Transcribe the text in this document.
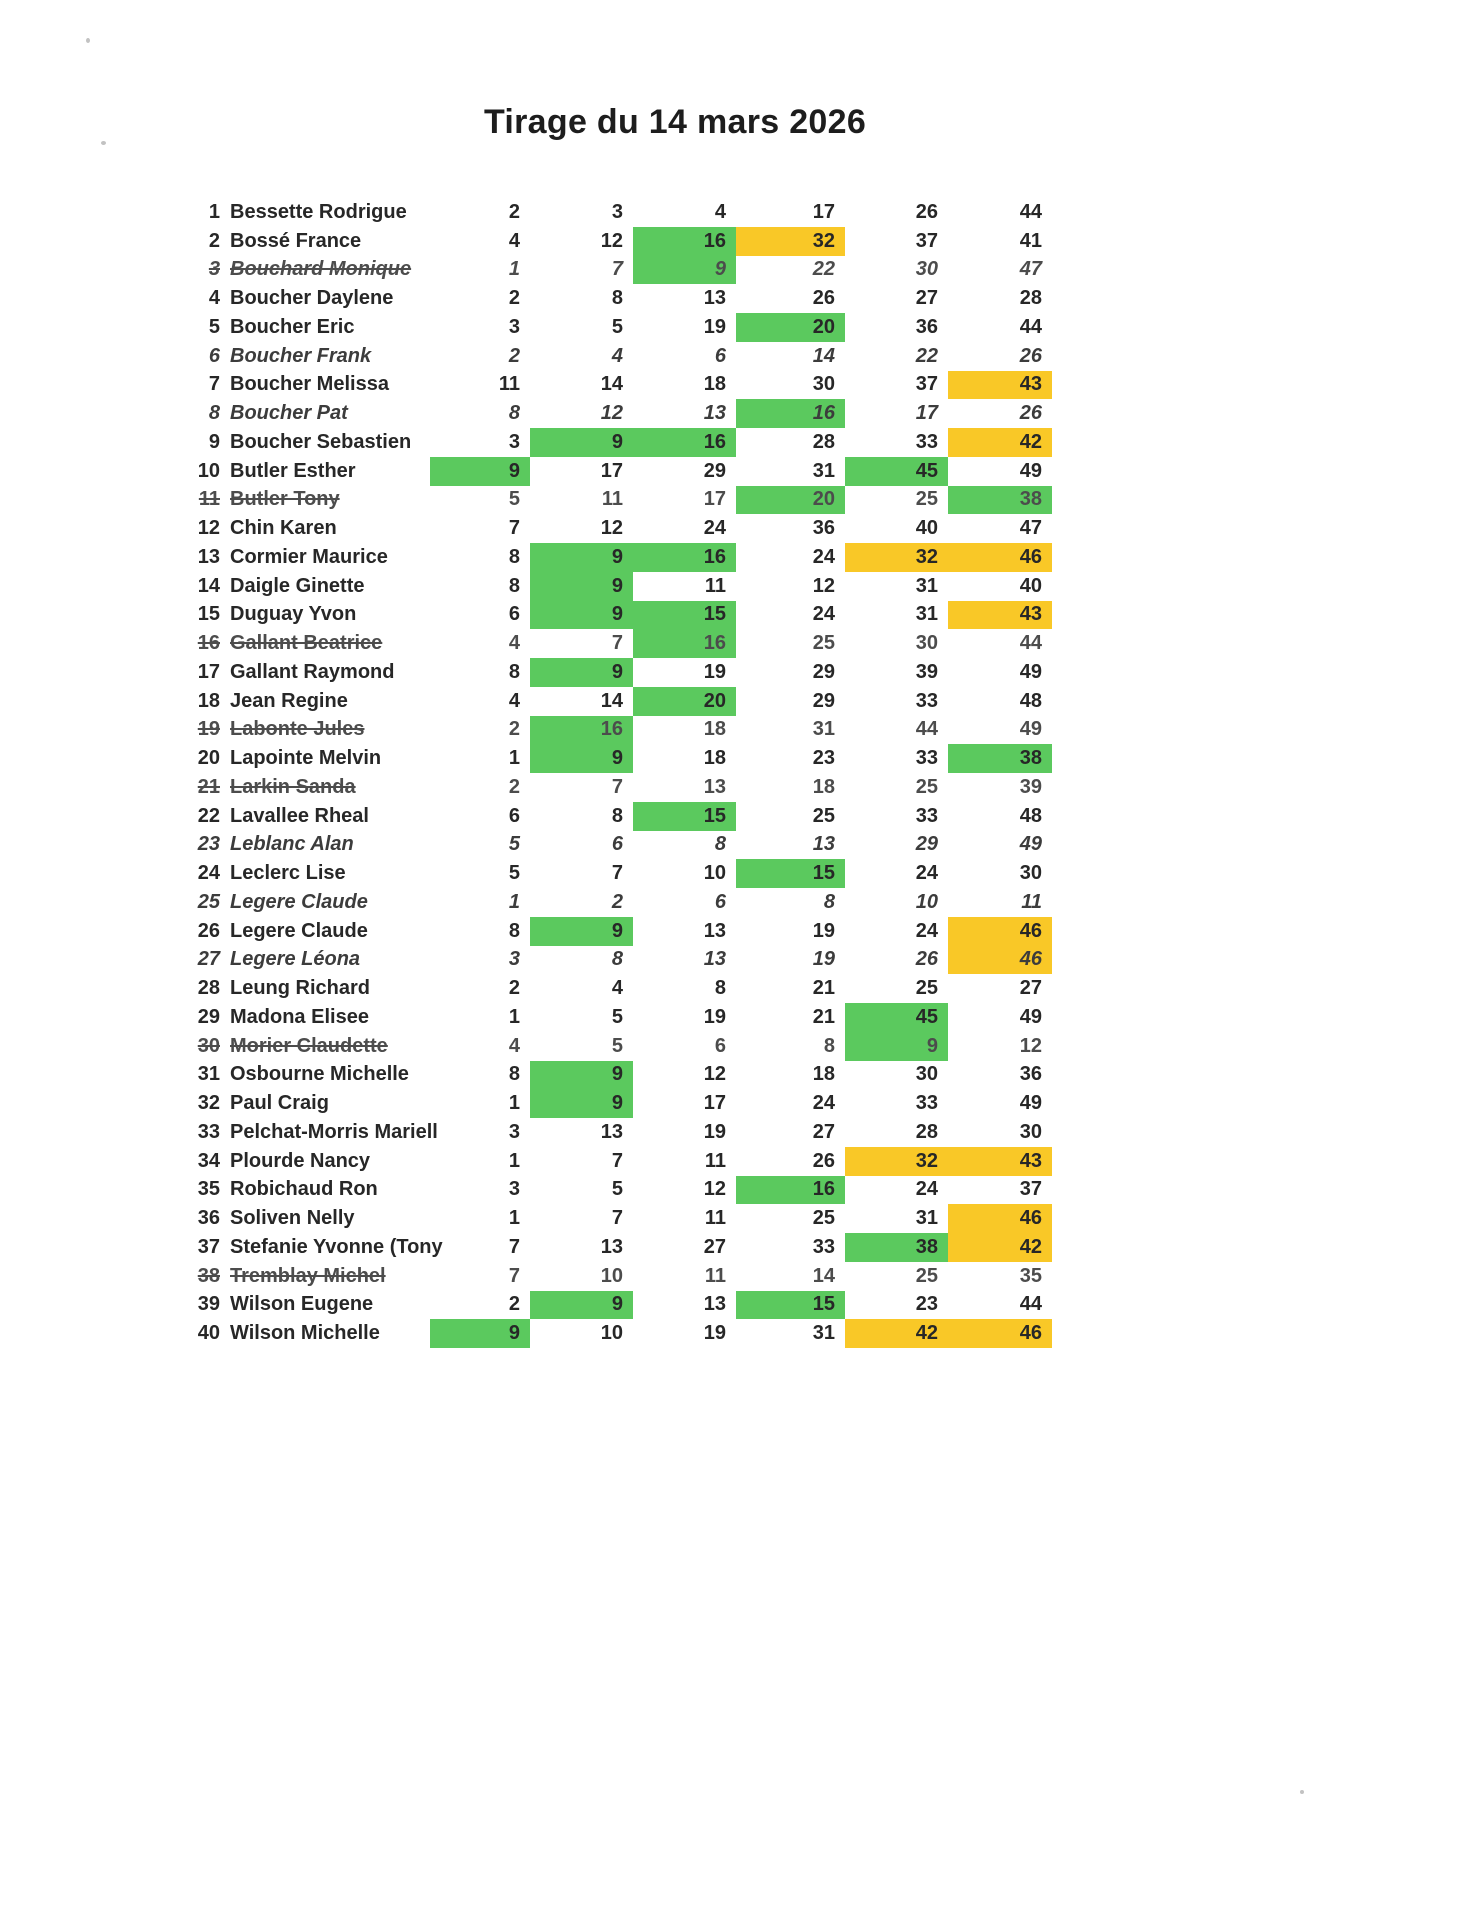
Tirage du 14 mars 2026
1 Bessette Rodrigue	2	3	4	17	26	44
2 Bossé France	4	12	16	32	37	41
3 Bouchard Monique	1	7	9	22	30	47
4 Boucher Daylene	2	8	13	26	27	28
5 Boucher Eric	3	5	19	20	36	44
6 Boucher Frank	2	4	6	14	22	26
7 Boucher Melissa	11	14	18	30	37	43
8 Boucher Pat	8	12	13	16	17	26
9 Boucher Sebastien	3	9	16	28	33	42
10 Butler Esther	9	17	29	31	45	49
11 Butler Tony	5	11	17	20	25	38
12 Chin Karen	7	12	24	36	40	47
13 Cormier Maurice	8	9	16	24	32	46
14 Daigle Ginette	8	9	11	12	31	40
15 Duguay Yvon	6	9	15	24	31	43
16 Gallant Beatrice	4	7	16	25	30	44
17 Gallant Raymond	8	9	19	29	39	49
18 Jean Regine	4	14	20	29	33	48
19 Labonte Jules	2	16	18	31	44	49
20 Lapointe Melvin	1	9	18	23	33	38
21 Larkin Sanda	2	7	13	18	25	39
22 Lavallee Rheal	6	8	15	25	33	48
23 Leblanc Alan	5	6	8	13	29	49
24 Leclerc Lise	5	7	10	15	24	30
25 Legere Claude	1	2	6	8	10	11
26 Legere Claude	8	9	13	19	24	46
27 Legere Léona	3	8	13	19	26	46
28 Leung Richard	2	4	8	21	25	27
29 Madona Elisee	1	5	19	21	45	49
30 Morier Claudette	4	5	6	8	9	12
31 Osbourne Michelle	8	9	12	18	30	36
32 Paul Craig	1	9	17	24	33	49
33 Pelchat-Morris Mariell	3	13	19	27	28	30
34 Plourde Nancy	1	7	11	26	32	43
35 Robichaud Ron	3	5	12	16	24	37
36 Soliven Nelly	1	7	11	25	31	46
37 Stefanie Yvonne (Tony	7	13	27	33	38	42
38 Tremblay Michel	7	10	11	14	25	35
39 Wilson Eugene	2	9	13	15	23	44
40 Wilson Michelle	9	10	19	31	42	46
